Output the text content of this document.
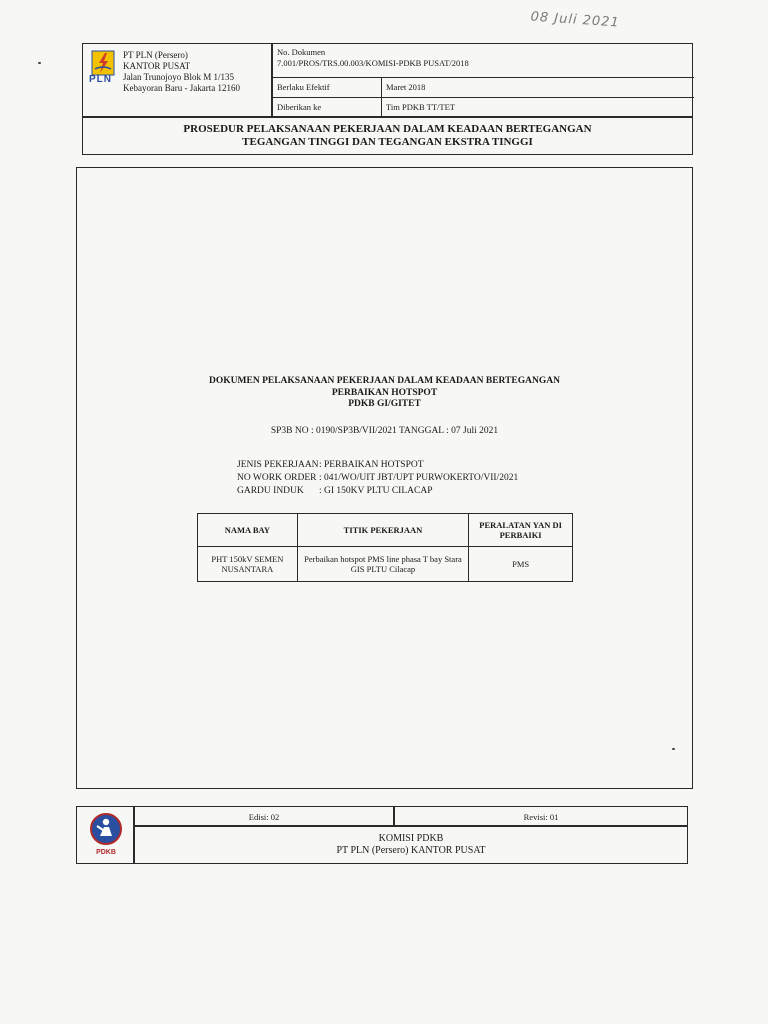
08 Juli 2021
PLN
PT PLN (Persero)
KANTOR PUSAT
Jalan Trunojoyo Blok M 1/135
Kebayoran Baru - Jakarta 12160
No. Dokumen
7.001/PROS/TRS.00.003/KOMISI-PDKB PUSAT/2018
Berlaku Efektif	Maret 2018
Diberikan ke	Tim PDKB TT/TET
PROSEDUR PELAKSANAAN PEKERJAAN DALAM KEADAAN BERTEGANGAN
TEGANGAN TINGGI DAN TEGANGAN EKSTRA TINGGI
DOKUMEN PELAKSANAAN PEKERJAAN DALAM KEADAAN BERTEGANGAN
PERBAIKAN HOTSPOT
PDKB GI/GITET
SP3B NO : 0190/SP3B/VII/2021 TANGGAL : 07 Juli 2021
JENIS PEKERJAAN: PERBAIKAN HOTSPOT
NO WORK ORDER : 041/WO/UIT JBT/UPT PURWOKERTO/VII/2021
GARDU INDUK : GI 150KV PLTU CILACAP
NAMA BAY	TITIK PEKERJAAN	PERALATAN YAN DI PERBAIKI
PHT 150kV SEMEN NUSANTARA	Perbaikan hotspot PMS line phasa T bay Stara GIS PLTU Cilacap	PMS
PDKB
Edisi: 02	Revisi: 01
KOMISI PDKB
PT PLN (Persero) KANTOR PUSAT
